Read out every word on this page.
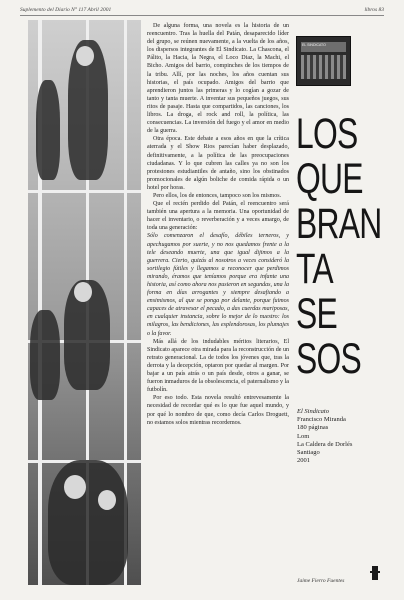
Suplemento del Diario N° 117 Abril 2001	libros 83

De alguna forma, una novela es la historia de un reencuentro. Tras la huella del Patán, desaparecido líder del grupo, se reúnen nuevamente, a la vuelta de los años, los dispersos integrantes de El Sindicato. La Chascona, el Pálito, la Hacia, la Negra, el Loco Diaz, la Machi, el Bicho. Amigos del barrio, compinches de los tiempos de la tribu. Allí, por las noches, los años cuentan sus historias, el país ocupado. Amigos del barrio que aprendieron juntos las primeras y lo cogían a gozar de tanto y tanta muerte. A inventar sus pequeños juegos, sus ritos de pasaje. Hasta que compartidos, las canciones, los libros. La droga, el rock and roll, la política, las consecuencias. La inversión del fuego y el amor en medio de la guerra.

Otra época. Este debate a esos años en que la crítica aterrada y el Show Rios parecían haber desplazado, definitivamente, a la política de las preocupaciones ciudadanas. Y lo que cubren las calles ya no son los protestones estudiantiles de antaño, sino los obstinados promocionales de algún boliche de comida rápida o un hotel por horas.

Pero ellos, los de entonces, tampoco son los mismos.

Que el recién perdido del Patán, el reencuentro será también una apertura a la memoria. Una oportunidad de hacer el inventario, o reverberación y a veces amargo, de toda una generación:

Sólo comenzaron el desafío, débiles terneros, y apechugamos por suerte, y no nos quedamos frente a la tele deseando muerte, una que igual dijimos a la guerrera. Cierto, quizás al nosotros a veces consideró la sortilegio fútiles y llegamos a reconocer que perdimos mirando, éramos que teníamos porque era infante una historia, así como ahora nos pusieron en segundas, una la forma en días arrogantes y siempre desafiando a ensimismos, al que se ponga por delante, porque fuimos capaces de atravesar el pecado, a das cuerdas mariposas, en cualquier instancia, sobre lo mejor de lo nuestro: los milagros, las bendiciones, las esplendorosas, los plumajes o la favor.

Más allá de los indudables méritos literarios, El Sindicato aparece otra mirada para la reconstrucción de un retrato generacional. La de todos los jóvenes que, tras la derrota y la decepción, optaron por quedar al margen. Por bajar a un país atrás o un país desde, otros a ganar, se fueron inmaduros de la obsolescencia, el paternalismo y la futbolín.

Por eso todo. Esta novela resultó entrevesamente la necesidad de recordar qué es lo que fue aquel mundo, y por qué lo nombro de que, como decía Carlos Droguett, no estamos solos mientras recordemos.

EL SINDICATO
LOS
QUE
BRAN
TA
SE
SOS
El Sindicato
Francisco Miranda
180 páginas
Lom
La Caldera de Dorlés
Santiago
2001
Jaime Fierro Fuentes
